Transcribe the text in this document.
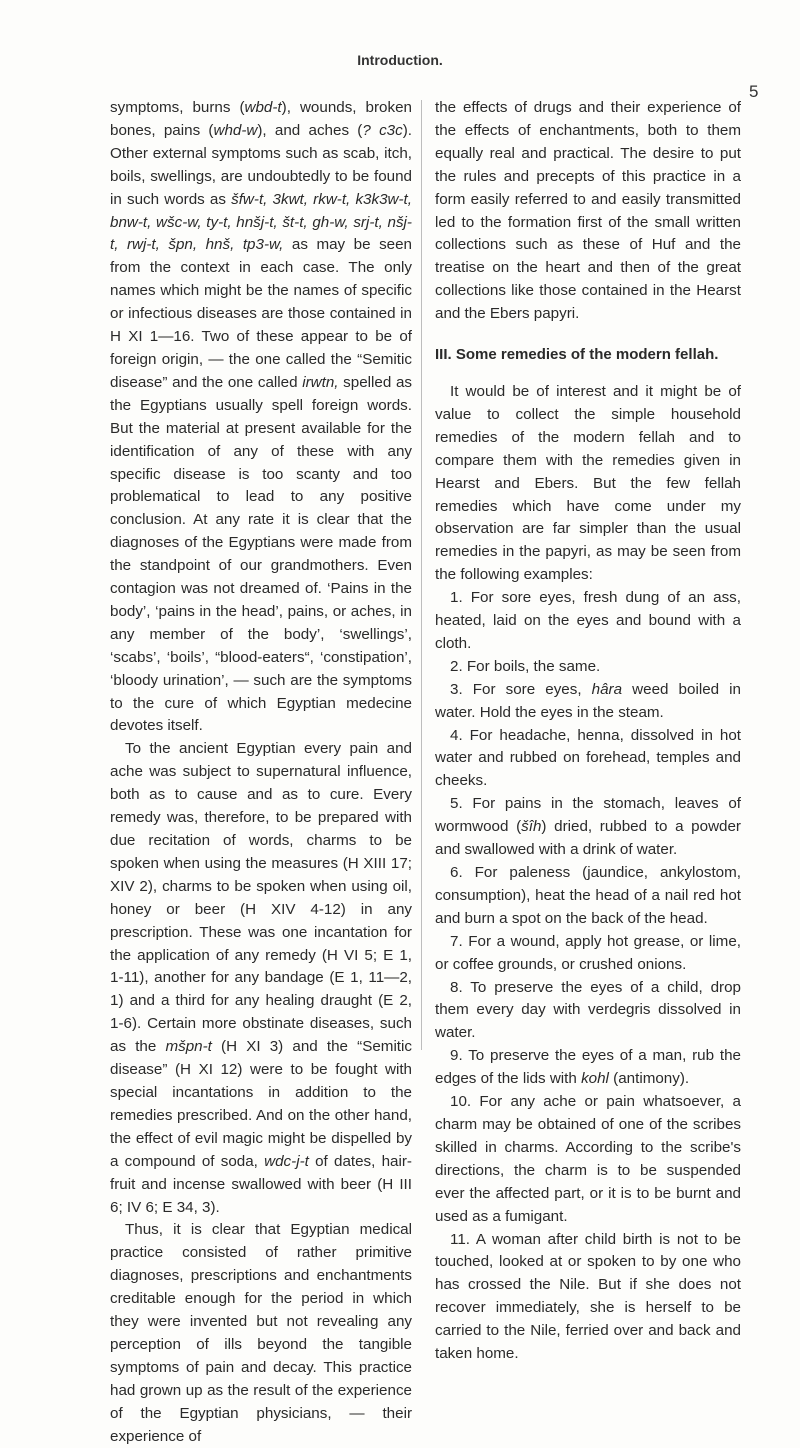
Introduction.
5

symptoms, burns (wbd-t), wounds, broken bones, pains (whd-w), and aches (? c3c). Other external symptoms such as scab, itch, boils, swellings, are undoubtedly to be found in such words as šfw-t, 3kwt, rkw-t, k3k3w-t, bnw-t, wšc-w, ty-t, hnšj-t, št-t, gh-w, srj-t, nšj-t, rwj-t, špn, hnš, tp3-w, as may be seen from the context in each case. The only names which might be the names of specific or infectious diseases are those contained in H XI 1—16. Two of these appear to be of foreign origin, — the one called the “Semitic disease” and the one called irwtn, spelled as the Egyptians usually spell foreign words. But the material at present available for the identification of any of these with any specific disease is too scanty and too problematical to lead to any positive conclusion. At any rate it is clear that the diagnoses of the Egyptians were made from the standpoint of our grandmothers. Even contagion was not dreamed of. ‘Pains in the body’, ‘pains in the head’, pains, or aches, in any member of the body’, ‘swellings’, ‘scabs’, ‘boils’, “blood-eaters“, ‘constipation’, ‘bloody urination’, — such are the symptoms to the cure of which Egyptian medecine devotes itself.

To the ancient Egyptian every pain and ache was subject to supernatural influence, both as to cause and as to cure. Every remedy was, therefore, to be prepared with due recitation of words, charms to be spoken when using the measures (H XIII 17; XIV 2), charms to be spoken when using oil, honey or beer (H XIV 4-12) in any prescription. These was one incantation for the application of any remedy (H VI 5; E 1, 1-11), another for any bandage (E 1, 11—2, 1) and a third for any healing draught (E 2, 1-6). Certain more obstinate diseases, such as the mšpn-t (H XI 3) and the “Semitic disease” (H XI 12) were to be fought with special incantations in addition to the remedies prescribed. And on the other hand, the effect of evil magic might be dispelled by a compound of soda, wdc-j-t of dates, hair-fruit and incense swallowed with beer (H III 6; IV 6; E 34, 3).

Thus, it is clear that Egyptian medical practice consisted of rather primitive diagnoses, prescriptions and enchantments creditable enough for the period in which they were invented but not revealing any perception of ills beyond the tangible symptoms of pain and decay. This practice had grown up as the result of the experience of the Egyptian physicians, — their experience of

the effects of drugs and their experience of the effects of enchantments, both to them equally real and practical. The desire to put the rules and precepts of this practice in a form easily referred to and easily transmitted led to the formation first of the small written collections such as these of Huf and the treatise on the heart and then of the great collections like those contained in the Hearst and the Ebers papyri.

III. Some remedies of the modern fellah.

It would be of interest and it might be of value to collect the simple household remedies of the modern fellah and to compare them with the remedies given in Hearst and Ebers. But the few fellah remedies which have come under my observation are far simpler than the usual remedies in the papyri, as may be seen from the following examples:

1. For sore eyes, fresh dung of an ass, heated, laid on the eyes and bound with a cloth.
2. For boils, the same.
3. For sore eyes, hâra weed boiled in water. Hold the eyes in the steam.
4. For headache, henna, dissolved in hot water and rubbed on forehead, temples and cheeks.
5. For pains in the stomach, leaves of wormwood (šîh) dried, rubbed to a powder and swallowed with a drink of water.
6. For paleness (jaundice, ankylostom, consumption), heat the head of a nail red hot and burn a spot on the back of the head.
7. For a wound, apply hot grease, or lime, or coffee grounds, or crushed onions.
8. To preserve the eyes of a child, drop them every day with verdegris dissolved in water.
9. To preserve the eyes of a man, rub the edges of the lids with kohl (antimony).
10. For any ache or pain whatsoever, a charm may be obtained of one of the scribes skilled in charms. According to the scribe's directions, the charm is to be suspended ever the affected part, or it is to be burnt and used as a fumigant.
11. A woman after child birth is not to be touched, looked at or spoken to by one who has crossed the Nile. But if she does not recover immediately, she is herself to be carried to the Nile, ferried over and back and taken home.
